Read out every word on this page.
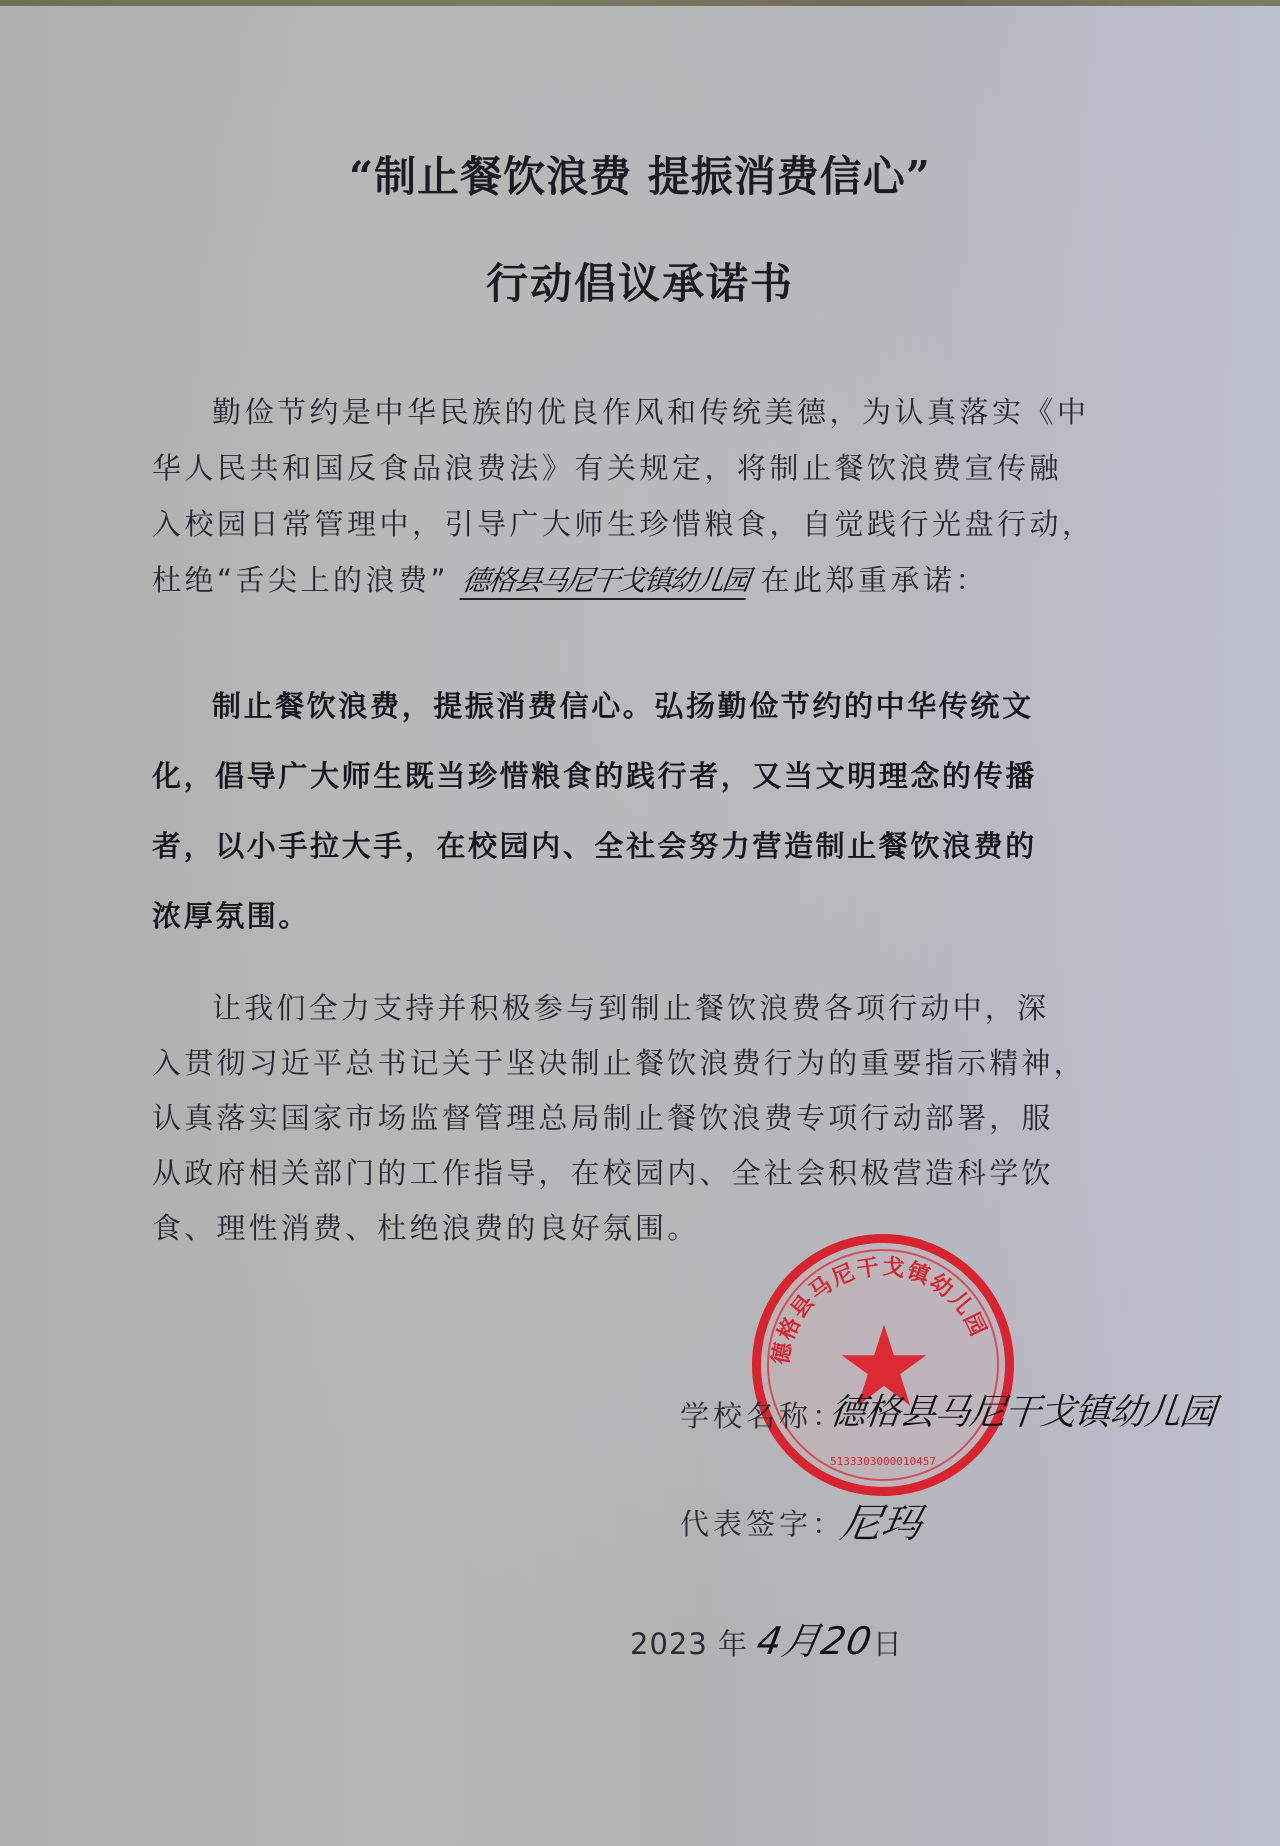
“制止餐饮浪费 提振消费信心”
行动倡议承诺书
勤俭节约是中华民族的优良作风和传统美德，为认真落实《中
华人民共和国反食品浪费法》有关规定，将制止餐饮浪费宣传融
入校园日常管理中，引导广大师生珍惜粮食，自觉践行光盘行动，
杜绝“舌尖上的浪费” 德格县马尼干戈镇幼儿园 在此郑重承诺：
制止餐饮浪费，提振消费信心。弘扬勤俭节约的中华传统文
化，倡导广大师生既当珍惜粮食的践行者，又当文明理念的传播
者，以小手拉大手，在校园内、全社会努力营造制止餐饮浪费的
浓厚氛围。
让我们全力支持并积极参与到制止餐饮浪费各项行动中，深
入贯彻习近平总书记关于坚决制止餐饮浪费行为的重要指示精神，
认真落实国家市场监督管理总局制止餐饮浪费专项行动部署，服
从政府相关部门的工作指导，在校园内、全社会积极营造科学饮
食、理性消费、杜绝浪费的良好氛围。
德格县马尼干戈镇幼儿园
5133303000010457
学校名称：
德格县马尼干戈镇幼儿园
代表签字：
尼玛
2023 年 4月20日
